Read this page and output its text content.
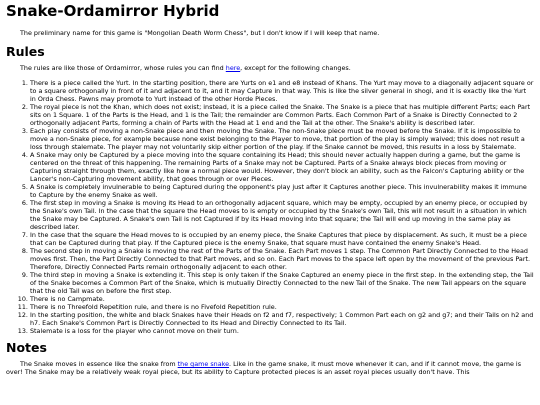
Snake-Ordamirror Hybrid

The preliminary name for this game is "Mongolian Death Worm Chess", but I don't know if I will keep that name.

Rules

The rules are like those of Ordamirror, whose rules you can find here, except for the following changes.

1. There is a piece called the Yurt. In the starting position, there are Yurts on e1 and e8 instead of Khans. The Yurt may move to a diagonally adjacent square or to a square orthogonally in front of it and adjacent to it, and it may Capture in that way. This is like the silver general in shogi, and it is exactly like the Yurt in Orda Chess. Pawns may promote to Yurt instead of the other Horde Pieces.
2. The royal piece is not the Khan, which does not exist; instead, it is a piece called the Snake. The Snake is a piece that has multiple different Parts; each Part sits on 1 Square. 1 of the Parts is the Head, and 1 is the Tail; the remainder are Common Parts. Each Common Part of a Snake is Directly Connected to 2 orthogonally adjacent Parts, forming a chain of Parts with the Head at 1 end and the Tail at the other. The Snake's ability is described later.
3. Each play consists of moving a non-Snake piece and then moving the Snake. The non-Snake piece must be moved before the Snake. If it is impossible to move a non-Snake piece, for example because none exist belonging to the Player to move, that portion of the play is simply waived; this does not result a loss through stalemate. The player may not voluntarily skip either portion of the play. If the Snake cannot be moved, this results in a loss by Stalemate.
4. A Snake may only be Captured by a piece moving into the square containing its Head; this should never actually happen during a game, but the game is centered on the threat of this happening. The remaining Parts of a Snake may not be Captured. Parts of a Snake always block pieces from moving or Capturing straight through them, exactly like how a normal piece would. However, they don't block an ability, such as the Falcon's Capturing ability or the Lancer's non-Capturing movement ability, that goes through or over Pieces.
5. A Snake is completely invulnerable to being Captured during the opponent's play just after it Captures another piece. This invulnerability makes it immune to Capture by the enemy Snake as well.
6. The first step in moving a Snake is moving its Head to an orthogonally adjacent square, which may be empty, occupied by an enemy piece, or occupied by the Snake's own Tail. In the case that the square the Head moves to is empty or occupied by the Snake's own Tail, this will not result in a situation in which the Snake may be Captured. A Snake's own Tail is not Captured if by its Head moving into that square; the Tail will end up moving in the same play as described later.
7. In the case that the square the Head moves to is occupied by an enemy piece, the Snake Captures that piece by displacement. As such, it must be a piece that can be Captured during that play. If the Captured piece is the enemy Snake, that square must have contained the enemy Snake's Head.
8. The second step in moving a Snake is moving the rest of the Parts of the Snake. Each Part moves 1 step. The Common Part Directly Connected to the Head moves first. Then, the Part Directly Connected to that Part moves, and so on. Each Part moves to the space left open by the movement of the previous Part. Therefore, Directly Connected Parts remain orthogonally adjacent to each other.
9. The third step in moving a Snake is extending it. This step is only taken if the Snake Captured an enemy piece in the first step. In the extending step, the Tail of the Snake becomes a Common Part of the Snake, which is mutually Directly Connected to the new Tail of the Snake. The new Tail appears on the square that the old Tail was on before the first step.
10. There is no Campmate.
11. There is no Threefold Repetition rule, and there is no Fivefold Repetition rule.
12. In the starting position, the white and black Snakes have their Heads on f2 and f7, respectively; 1 Common Part each on g2 and g7; and their Tails on h2 and h7. Each Snake's Common Part is Directly Connected to its Head and Directly Connected to its Tail.
13. Stalemate is a loss for the player who cannot move on their turn.
Notes

The Snake moves in essence like the snake from the game snake. Like in the game snake, it must move whenever it can, and if it cannot move, the game is over! The Snake may be a relatively weak royal piece, but its ability to Capture protected pieces is an asset royal pieces usually don't have. This
